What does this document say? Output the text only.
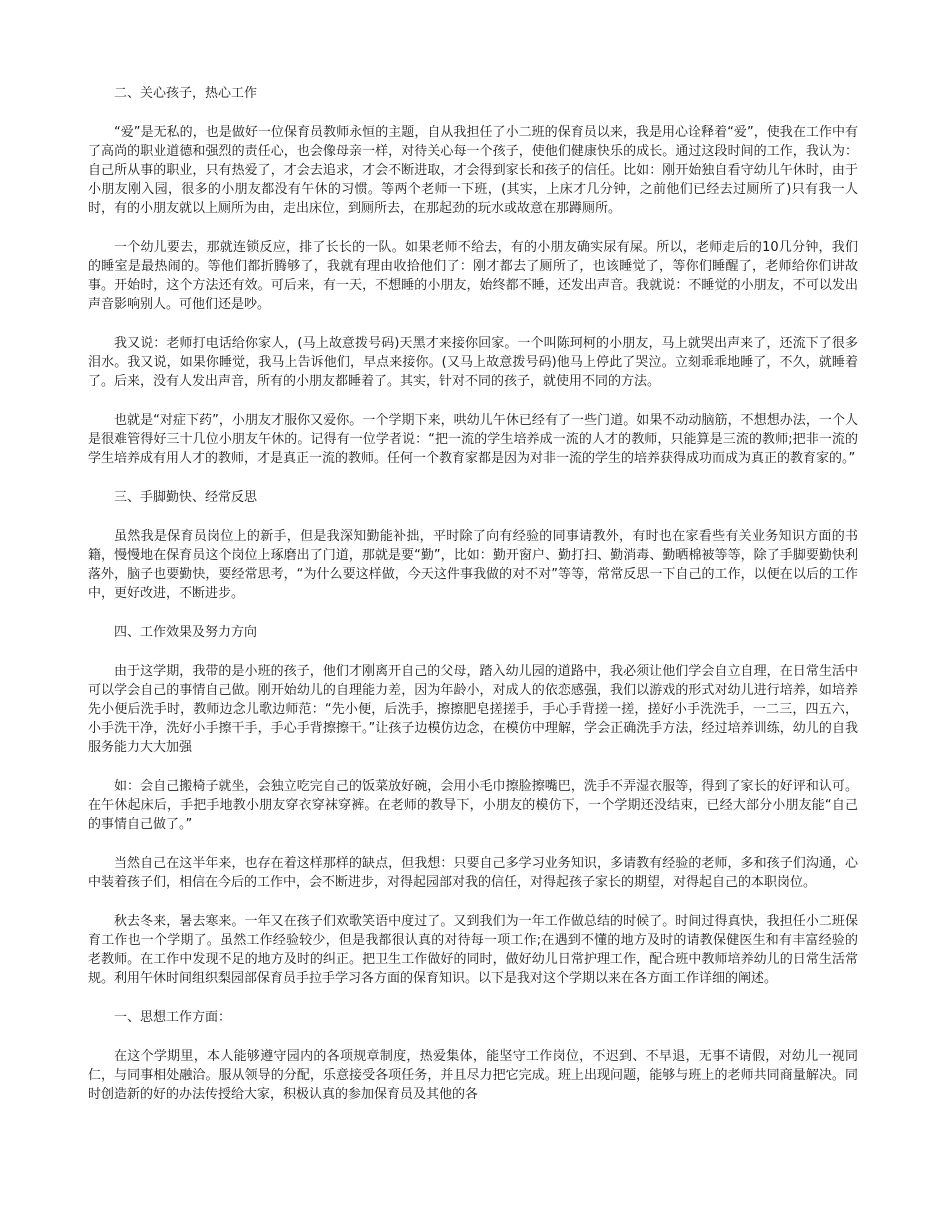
二、关心孩子，热心工作

“爱”是无私的，也是做好一位保育员教师永恒的主题，自从我担任了小二班的保育员以来，我是用心诠释着“爱”，使我在工作中有了高尚的职业道德和强烈的责任心，也会像母亲一样，对待关心每一个孩子，使他们健康快乐的成长。通过这段时间的工作，我认为：自己所从事的职业，只有热爱了，才会去追求，才会不断进取，才会得到家长和孩子的信任。比如：刚开始独自看守幼儿午休时，由于小朋友刚入园，很多的小朋友都没有午休的习惯。等两个老师一下班，(其实，上床才几分钟，之前他们已经去过厕所了)只有我一人时，有的小朋友就以上厕所为由，走出床位，到厕所去，在那起劲的玩水或故意在那蹲厕所。

一个幼儿要去，那就连锁反应，排了长长的一队。如果老师不给去，有的小朋友确实尿有屎。所以，老师走后的10几分钟，我们的睡室是最热闹的。等他们都折腾够了，我就有理由收拾他们了：刚才都去了厕所了，也该睡觉了，等你们睡醒了，老师给你们讲故事。开始时，这个方法还有效。可后来，有一天，不想睡的小朋友，始终都不睡，还发出声音。我就说：不睡觉的小朋友，不可以发出声音影响别人。可他们还是吵。

我又说：老师打电话给你家人，(马上故意拨号码)天黑才来接你回家。一个叫陈珂柯的小朋友，马上就哭出声来了，还流下了很多泪水。我又说，如果你睡觉，我马上告诉他们，早点来接你。(又马上故意拨号码)他马上停此了哭泣。立刻乖乖地睡了，不久，就睡着了。后来，没有人发出声音，所有的小朋友都睡着了。其实，针对不同的孩子，就使用不同的方法。

也就是“对症下药”，小朋友才服你又爱你。一个学期下来，哄幼儿午休已经有了一些门道。如果不动动脑筋，不想想办法，一个人是很难管得好三十几位小朋友午休的。记得有一位学者说：“把一流的学生培养成一流的人才的教师，只能算是三流的教师;把非一流的学生培养成有用人才的教师，才是真正一流的教师。任何一个教育家都是因为对非一流的学生的培养获得成功而成为真正的教育家的。”

三、手脚勤快、经常反思

虽然我是保育员岗位上的新手，但是我深知勤能补拙，平时除了向有经验的同事请教外，有时也在家看些有关业务知识方面的书籍，慢慢地在保育员这个岗位上琢磨出了门道，那就是要“勤”，比如：勤开窗户、勤打扫、勤消毒、勤晒棉被等等，除了手脚要勤快利落外，脑子也要勤快，要经常思考，“为什么要这样做，今天这件事我做的对不对”等等，常常反思一下自己的工作，以便在以后的工作中，更好改进，不断进步。

四、工作效果及努力方向

由于这学期，我带的是小班的孩子，他们才刚离开自己的父母，踏入幼儿园的道路中，我必须让他们学会自立自理，在日常生活中可以学会自己的事情自己做。刚开始幼儿的自理能力差，因为年龄小，对成人的依恋感强，我们以游戏的形式对幼儿进行培养，如培养先小便后洗手时，教师边念儿歌边师范：“先小便，后洗手，擦擦肥皂搓搓手，手心手背搓一搓，搓好小手洗洗手，一二三，四五六，小手洗干净，洗好小手擦干手，手心手背擦擦干。”让孩子边模仿边念，在模仿中理解，学会正确洗手方法，经过培养训练，幼儿的自我服务能力大大加强

如：会自己搬椅子就坐，会独立吃完自己的饭菜放好碗，会用小毛巾擦脸擦嘴巴，洗手不弄湿衣服等，得到了家长的好评和认可。在午休起床后，手把手地教小朋友穿衣穿袜穿裤。在老师的教导下，小朋友的模仿下，一个学期还没结束，已经大部分小朋友能“自己的事情自己做了。”

当然自己在这半年来，也存在着这样那样的缺点，但我想：只要自己多学习业务知识，多请教有经验的老师，多和孩子们沟通，心中装着孩子们，相信在今后的工作中，会不断进步，对得起园部对我的信任，对得起孩子家长的期望，对得起自己的本职岗位。

秋去冬来，暑去寒来。一年又在孩子们欢歌笑语中度过了。又到我们为一年工作做总结的时候了。时间过得真快，我担任小二班保育工作也一个学期了。虽然工作经验较少，但是我都很认真的对待每一项工作;在遇到不懂的地方及时的请教保健医生和有丰富经验的老教师。在工作中发现不足的地方及时的纠正。把卫生工作做好的同时，做好幼儿日常护理工作，配合班中教师培养幼儿的日常生活常规。利用午休时间组织梨园部保育员手拉手学习各方面的保育知识。以下是我对这个学期以来在各方面工作详细的阐述。

一、思想工作方面：

在这个学期里，本人能够遵守园内的各项规章制度，热爱集体，能坚守工作岗位，不迟到、不早退，无事不请假，对幼儿一视同仁，与同事相处融洽。服从领导的分配，乐意接受各项任务，并且尽力把它完成。班上出现问题，能够与班上的老师共同商量解决。同时创造新的好的办法传授给大家，积极认真的参加保育员及其他的各
